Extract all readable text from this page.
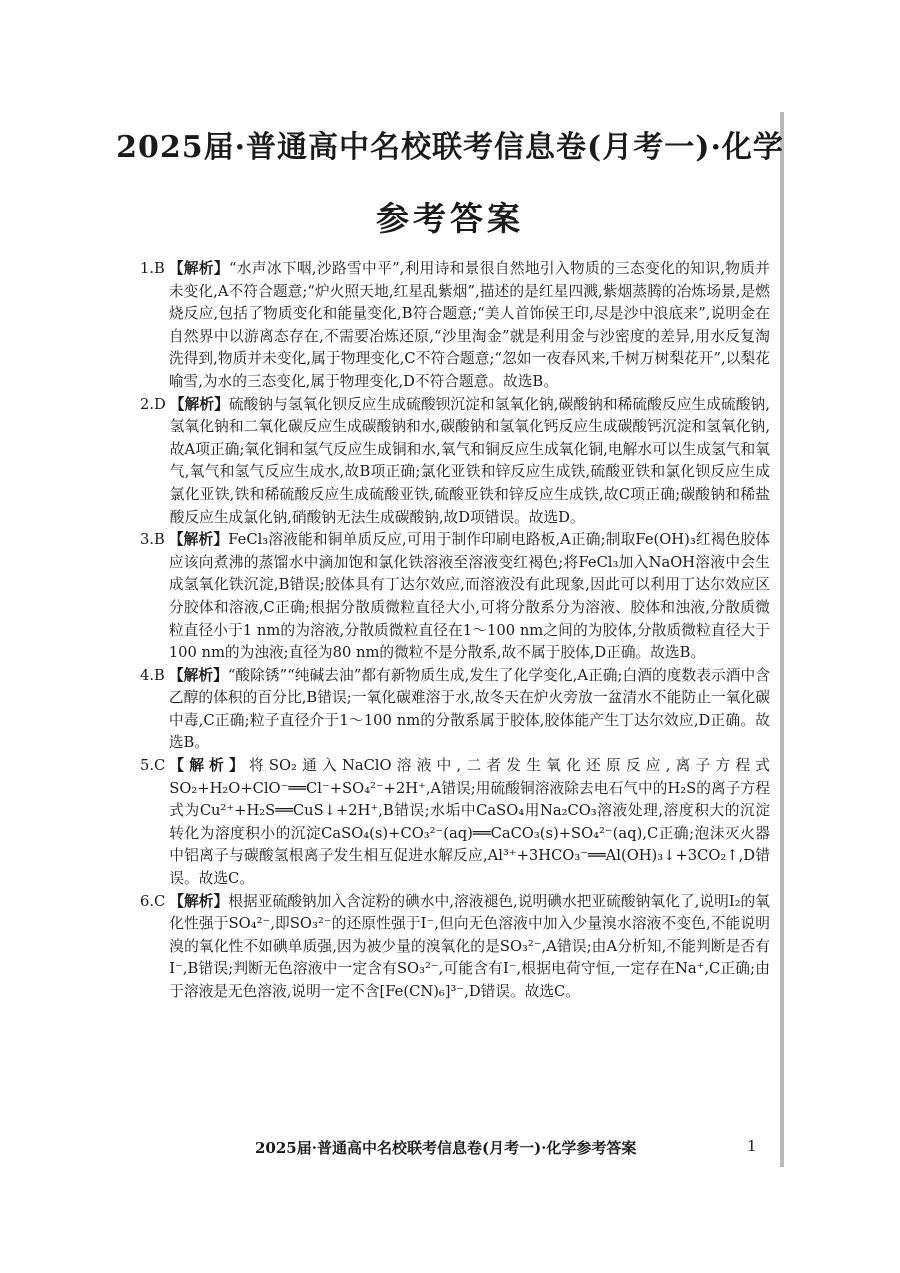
2025届·普通高中名校联考信息卷(月考一)·化学
参考答案
1.B 【解析】“水声冰下咽,沙路雪中平”,利用诗和景很自然地引入物质的三态变化的知识,物质并未变化,A不符合题意;“炉火照天地,红星乱紫烟”,描述的是红星四溅,紫烟蒸腾的冶炼场景,是燃烧反应,包括了物质变化和能量变化,B符合题意;“美人首饰侯王印,尽是沙中浪底来”,说明金在自然界中以游离态存在,不需要冶炼还原,“沙里淘金”就是利用金与沙密度的差异,用水反复淘洗得到,物质并未变化,属于物理变化,C不符合题意;“忽如一夜春风来,千树万树梨花开”,以梨花喻雪,为水的三态变化,属于物理变化,D不符合题意。故选B。
2.D 【解析】硫酸钠与氢氧化钡反应生成硫酸钡沉淀和氢氧化钠,碳酸钠和稀硫酸反应生成硫酸钠,氢氧化钠和二氧化碳反应生成碳酸钠和水,碳酸钠和氢氧化钙反应生成碳酸钙沉淀和氢氧化钠,故A项正确;氧化铜和氢气反应生成铜和水,氧气和铜反应生成氧化铜,电解水可以生成氢气和氧气,氧气和氢气反应生成水,故B项正确;氯化亚铁和锌反应生成铁,硫酸亚铁和氯化钡反应生成氯化亚铁,铁和稀硫酸反应生成硫酸亚铁,硫酸亚铁和锌反应生成铁,故C项正确;碳酸钠和稀盐酸反应生成氯化钠,硝酸钠无法生成碳酸钠,故D项错误。故选D。
3.B 【解析】FeCl₃溶液能和铜单质反应,可用于制作印刷电路板,A正确;制取Fe(OH)₃红褐色胶体应该向煮沸的蒸馏水中滴加饱和氯化铁溶液至溶液变红褐色;将FeCl₃加入NaOH溶液中会生成氢氧化铁沉淀,B错误;胶体具有丁达尔效应,而溶液没有此现象,因此可以利用丁达尔效应区分胶体和溶液,C正确;根据分散质微粒直径大小,可将分散系分为溶液、胶体和浊液,分散质微粒直径小于1 nm的为溶液,分散质微粒直径在1～100 nm之间的为胶体,分散质微粒直径大于100 nm的为浊液;直径为80 nm的微粒不是分散系,故不属于胶体,D正确。故选B。
4.B 【解析】“酸除锈”“纯碱去油”都有新物质生成,发生了化学变化,A正确;白酒的度数表示酒中含乙醇的体积的百分比,B错误;一氧化碳难溶于水,故冬天在炉火旁放一盆清水不能防止一氧化碳中毒,C正确;粒子直径介于1～100 nm的分散系属于胶体,胶体能产生丁达尔效应,D正确。故选B。
5.C 【解析】将SO₂通入NaClO溶液中,二者发生氧化还原反应,离子方程式SO₂+H₂O+ClO⁻══Cl⁻+SO₄²⁻+2H⁺,A错误;用硫酸铜溶液除去电石气中的H₂S的离子方程式为Cu²⁺+H₂S══CuS↓+2H⁺,B错误;水垢中CaSO₄用Na₂CO₃溶液处理,溶度积大的沉淀转化为溶度积小的沉淀CaSO₄(s)+CO₃²⁻(aq)══CaCO₃(s)+SO₄²⁻(aq),C正确;泡沫灭火器中铝离子与碳酸氢根离子发生相互促进水解反应,Al³⁺+3HCO₃⁻══Al(OH)₃↓+3CO₂↑,D错误。故选C。
6.C 【解析】根据亚硫酸钠加入含淀粉的碘水中,溶液褪色,说明碘水把亚硫酸钠氧化了,说明I₂的氧化性强于SO₄²⁻,即SO₃²⁻的还原性强于I⁻,但向无色溶液中加入少量溴水溶液不变色,不能说明溴的氧化性不如碘单质强,因为被少量的溴氧化的是SO₃²⁻,A错误;由A分析知,不能判断是否有I⁻,B错误;判断无色溶液中一定含有SO₃²⁻,可能含有I⁻,根据电荷守恒,一定存在Na⁺,C正确;由于溶液是无色溶液,说明一定不含[Fe(CN)₆]³⁻,D错误。故选C。
2025届·普通高中名校联考信息卷(月考一)·化学参考答案	1
